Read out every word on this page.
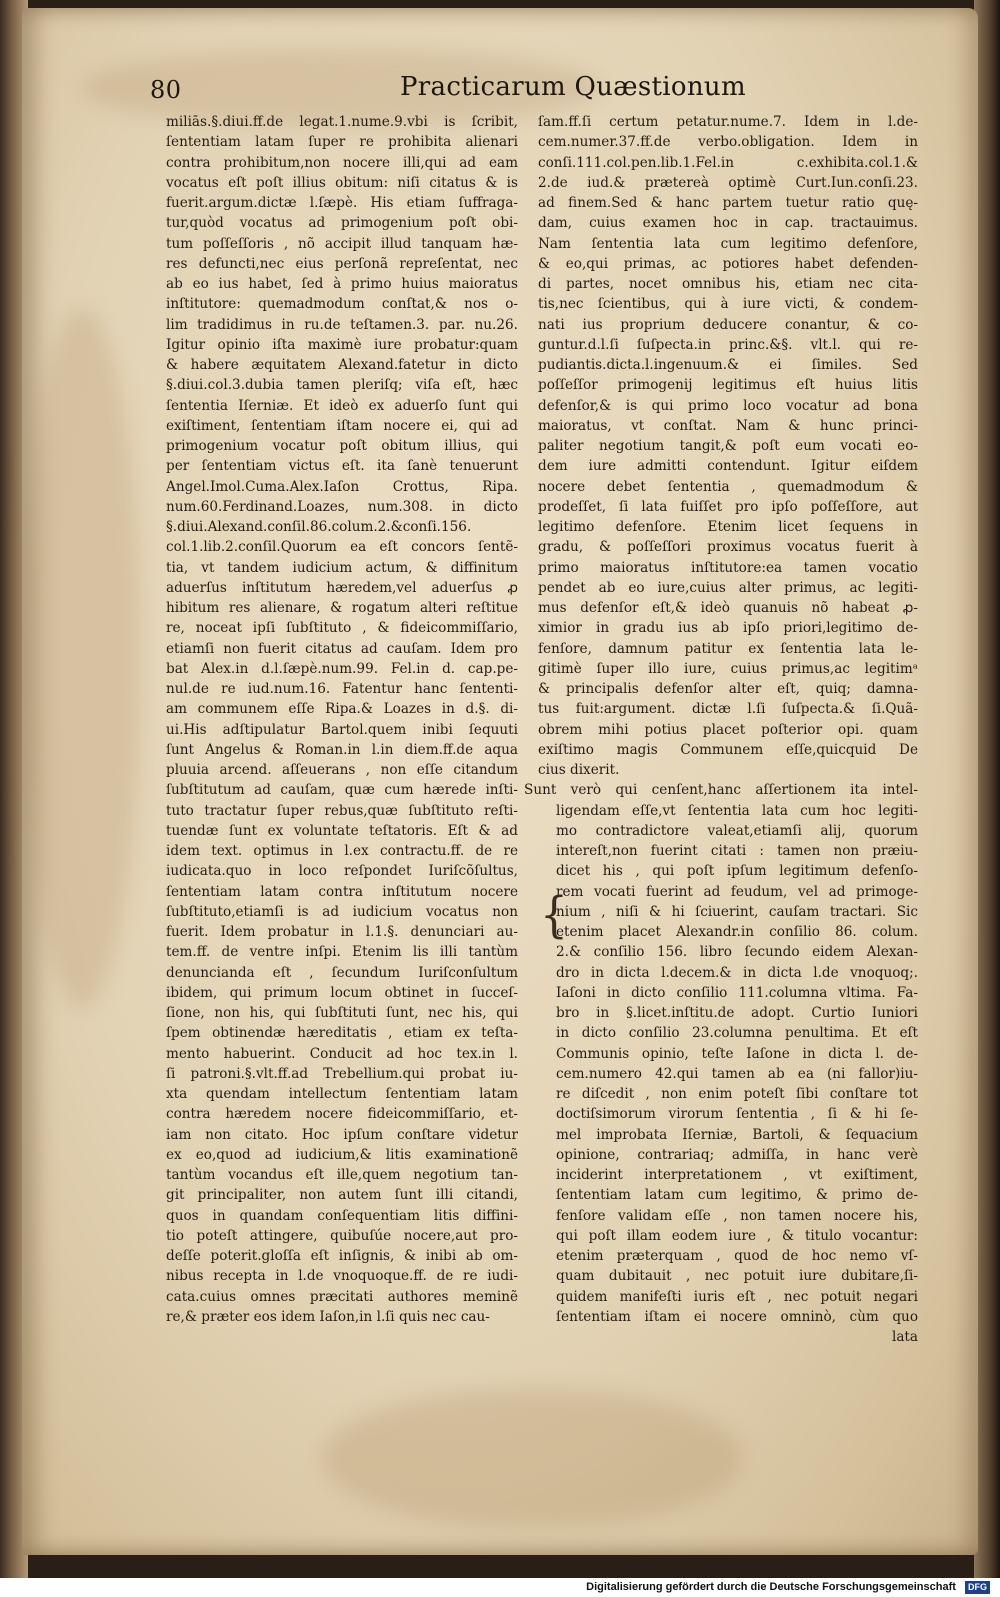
80	Practicarum Quæstionum
miliās.§.diui.ff.de legat.1.nume.9.vbi is ſcribit,
ſententiam latam ſuper re prohibita alienari
contra prohibitum,non nocere illi,qui ad eam
vocatus eſt poſt illius obitum: niſi citatus & is
fuerit.argum.dictæ l.ſæpè. His etiam ſuffraga-
tur,quòd vocatus ad primogenium poſt obi-
tum poſſeſſoris , nõ accipit illud tanquam hæ-
res defuncti,nec eius perſonã repreſentat, nec
ab eo ius habet, ſed à primo huius maioratus
inſtitutore: quemadmodum conſtat,& nos o-
lim tradidimus in ru.de teſtamen.3. par. nu.26.
Igitur opinio iſta maximè iure probatur:quam
& habere æquitatem Alexand.fatetur in dicto
§.diui.col.3.dubia tamen pleriſq; viſa eſt, hæc
ſententia Iſerniæ. Et ideò ex aduerſo ſunt qui
exiſtiment, ſententiam iſtam nocere ei, qui ad
primogenium vocatur poſt obitum illius, qui
per ſententiam victus eſt. ita ſanè tenuerunt
Angel.Imol.Cuma.Alex.Iaſon Crottus, Ripa.
num.60.Ferdinand.Loazes, num.308. in dicto
§.diui.Alexand.conſil.86.colum.2.&conſi.156.
col.1.lib.2.conſil.Quorum ea eſt concors ſentẽ-
tia, vt tandem iudicium actum, & diffinitum
aduerſus inſtitutum hæredem,vel aduerſus ꝓ
hibitum res alienare, & rogatum alteri reſtitue
re, noceat ipſi ſubſtituto , & fideicommiſſario,
etiamſi non fuerit citatus ad cauſam. Idem pro
bat Alex.in d.l.ſæpè.num.99. Fel.in d. cap.pe-
nul.de re iud.num.16. Fatentur hanc ſententi-
am communem eſſe Ripa.& Loazes in d.§. di-
ui.His adſtipulatur Bartol.quem inibi ſequuti
ſunt Angelus & Roman.in l.in diem.ff.de aqua
pluuia arcend. aſſeuerans , non eſſe citandum
ſubſtitutum ad cauſam, quæ cum hærede inſti-
tuto tractatur ſuper rebus,quæ ſubſtituto reſti-
tuendæ ſunt ex voluntate teſtatoris. Eſt & ad
idem text. optimus in l.ex contractu.ff. de re
iudicata.quo in loco reſpondet Iuriſcõſultus,
ſententiam latam contra inſtitutum nocere
ſubſtituto,etiamſi is ad iudicium vocatus non
fuerit. Idem probatur in l.1.§. denunciari au-
tem.ff. de ventre inſpi. Etenim lis illi tantùm
denuncianda eſt , ſecundum Iuriſconſultum
ibidem, qui primum locum obtinet in ſucceſ-
ſione, non his, qui ſubſtituti ſunt, nec his, qui
ſpem obtinendæ hæreditatis , etiam ex teſta-
mento habuerint. Conducit ad hoc tex.in l.
ſi patroni.§.vlt.ff.ad Trebellium.qui probat iu-
xta quendam intellectum ſententiam latam
contra hæredem nocere fideicommiſſario, et-
iam non citato. Hoc ipſum conſtare videtur
ex eo,quod ad iudicium,& litis examinationẽ
tantùm vocandus eſt ille,quem negotium tan-
git principaliter, non autem ſunt illi citandi,
quos in quandam conſequentiam litis diffini-
tio poteſt attingere, quibuſúe nocere,aut pro-
deſſe poterit.gloſſa eſt inſignis, & inibi ab om-
nibus recepta in l.de vnoquoque.ff. de re iudi-
cata.cuius omnes præcitati authores meminẽ
re,& præter eos idem Iaſon,in l.ſi quis nec cau-
ſam.ff.ſi certum petatur.nume.7. Idem in l.de-
cem.numer.37.ff.de verbo.obligation. Idem in
conſi.111.col.pen.lib.1.Fel.in c.exhibita.col.1.&
2.de iud.& prætereà optimè Curt.Iun.conſi.23.
ad finem.Sed & hanc partem tuetur ratio quę-
dam, cuius examen hoc in cap. tractauimus.
Nam ſententia lata cum legitimo defenſore,
& eo,qui primas, ac potiores habet defenden-
di partes, nocet omnibus his, etiam nec cita-
tis,nec ſcientibus, qui à iure victi, & condem-
nati ius proprium deducere conantur, & co-
guntur.d.l.ſi ſuſpecta.in princ.&§. vlt.l. qui re-
pudiantis.dicta.l.ingenuum.& ei ſimiles. Sed
poſſeſſor primogenij legitimus eſt huius litis
defenſor,& is qui primo loco vocatur ad bona
maioratus, vt conſtat. Nam & hunc princi-
paliter negotium tangit,& poſt eum vocati eo-
dem iure admitti contendunt. Igitur eiſdem
nocere debet ſententia , quemadmodum &
prodeſſet, ſi lata fuiſſet pro ipſo poſſeſſore, aut
legitimo defenſore. Etenim licet ſequens in
gradu, & poſſeſſori proximus vocatus fuerit à
primo maioratus inſtitutore:ea tamen vocatio
pendet ab eo iure,cuius alter primus, ac legiti-
mus defenſor eſt,& ideò quanuis nõ habeat ꝓ-
ximior in gradu ius ab ipſo priori,legitimo de-
fenſore, damnum patitur ex ſententia lata le-
gitimè ſuper illo iure, cuius primus,ac legitimᵃ
& principalis defenſor alter eſt, quiq; damna-
tus fuit:argument. dictæ l.ſi ſuſpecta.& ſi.Quã-
obrem mihi potius placet poſterior opi. quam
exiſtimo magis Communem eſſe,quicquid De
cius dixerit.
Sunt verò qui cenſent,hanc aſſertionem ita intel-
ligendam eſſe,vt ſententia lata cum hoc legiti-
mo contradictore valeat,etiamſi alij, quorum
intereſt,non fuerint citati : tamen non præiu-
dicet his , qui poſt ipſum legitimum defenſo-
rem vocati fuerint ad feudum, vel ad primoge-
nium , niſi & hi ſciuerint, cauſam tractari. Sic
etenim placet Alexandr.in conſilio 86. colum.
2.& conſilio 156. libro ſecundo eidem Alexan-
dro in dicta l.decem.& in dicta l.de vnoquoq;.
Iaſoni in dicto conſilio 111.columna vltima. Fa-
bro in §.licet.inſtitu.de adopt. Curtio Iuniori
in dicto conſilio 23.columna penultima. Et eſt
Communis opinio, teſte Iaſone in dicta l. de-
cem.numero 42.qui tamen ab ea (ni fallor)iu-
re diſcedit , non enim poteſt ſibi conſtare tot
doctiſsimorum virorum ſententia , ſi & hi ſe-
mel improbata Iſerniæ, Bartoli, & ſequacium
opinione, contrariaq; admiſſa, in hanc verè
inciderint interpretationem , vt exiſtiment,
ſententiam latam cum legitimo, & primo de-
fenſore validam eſſe , non tamen nocere his,
qui poſt illam eodem iure , & titulo vocantur:
etenim præterquam , quod de hoc nemo vſ-
quam dubitauit , nec potuit iure dubitare,ſi-
quidem manifeſti iuris eſt , nec potuit negari
ſententiam iſtam ei nocere omninò, cùm quo
lata
{
Digitalisierung gefördert durch die Deutsche Forschungsgemeinschaft DFG
